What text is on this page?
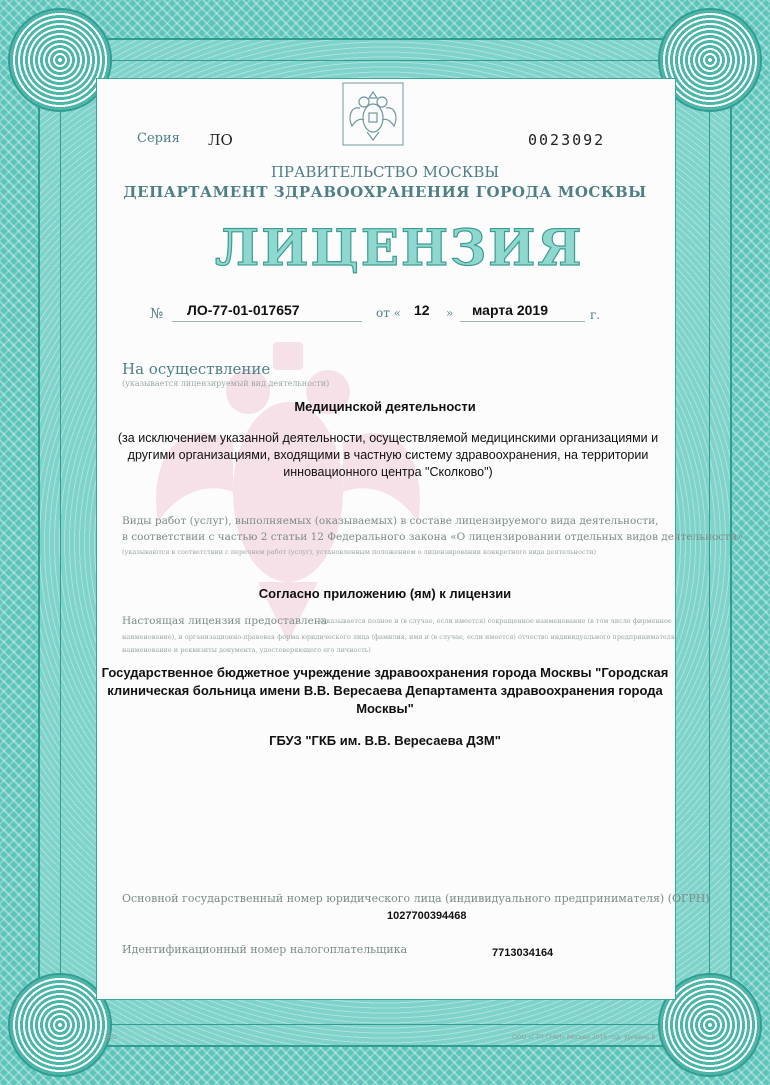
Серия ЛО	0023092
ПРАВИТЕЛЬСТВО МОСКВЫ
ДЕПАРТАМЕНТ ЗДРАВООХРАНЕНИЯ ГОРОДА МОСКВЫ
ЛИЦЕНЗИЯ
№ ЛО-77-01-017657	от « 12 » марта 2019	г.
На осуществление
(указывается лицензируемый вид деятельности)
Медицинской деятельности
(за исключением указанной деятельности, осуществляемой медицинскими организациями и другими организациями, входящими в частную систему здравоохранения, на территории инновационного центра "Сколково")
Виды работ (услуг), выполняемых (оказываемых) в составе лицензируемого вида деятельности,
в соответствии с частью 2 статьи 12 Федерального закона «О лицензировании отдельных видов деятельности»
(указываются в соответствии с перечнем работ (услуг), установленным положением о лицензировании конкретного вида деятельности)
Согласно приложению (ям) к лицензии
Настоящая лицензия предоставлена
(указывается полное и (в случае, если имеется) сокращенное наименование (в том числе фирменное
наименование), и организационно-правовая форма юридического лица (фамилия, имя и (в случае, если имеется) отчество индивидуального предпринимателя,
наименование и реквизиты документа, удостоверяющего его личность)
Государственное бюджетное учреждение здравоохранения города Москвы "Городская клиническая больница имени В.В. Вересаева Департамента здравоохранения города Москвы"
ГБУЗ "ГКБ им. В.В. Вересаева ДЗМ"
Основной государственный номер юридического лица (индивидуального предпринимателя) (ОГРН)
1027700394468
Идентификационный номер налогоплательщика	7713034164
ЗАО	ООО «ГТП ГРАН» Москва 2016 год. уровень Б
